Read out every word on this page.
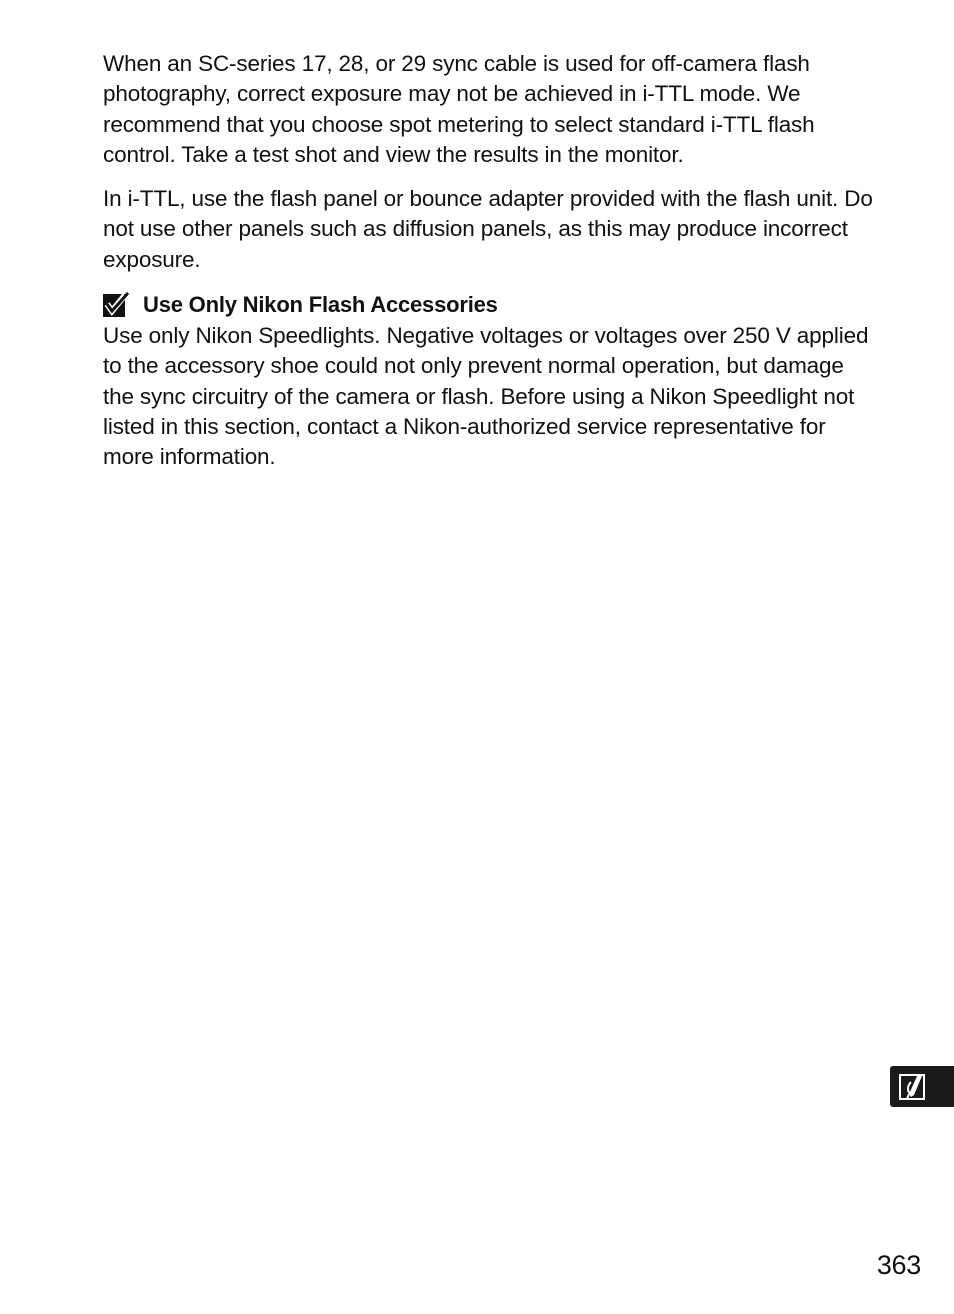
When an SC-series 17, 28, or 29 sync cable is used for off-camera flash photography, correct exposure may not be achieved in i-TTL mode. We recommend that you choose spot metering to select standard i-TTL flash control. Take a test shot and view the results in the monitor.

In i-TTL, use the flash panel or bounce adapter provided with the flash unit. Do not use other panels such as diffusion panels, as this may produce incorrect exposure.

Use Only Nikon Flash Accessories

Use only Nikon Speedlights. Negative voltages or voltages over 250 V applied to the accessory shoe could not only prevent normal operation, but damage the sync circuitry of the camera or flash. Before using a Nikon Speedlight not listed in this section, contact a Nikon-authorized service representative for more information.

363
